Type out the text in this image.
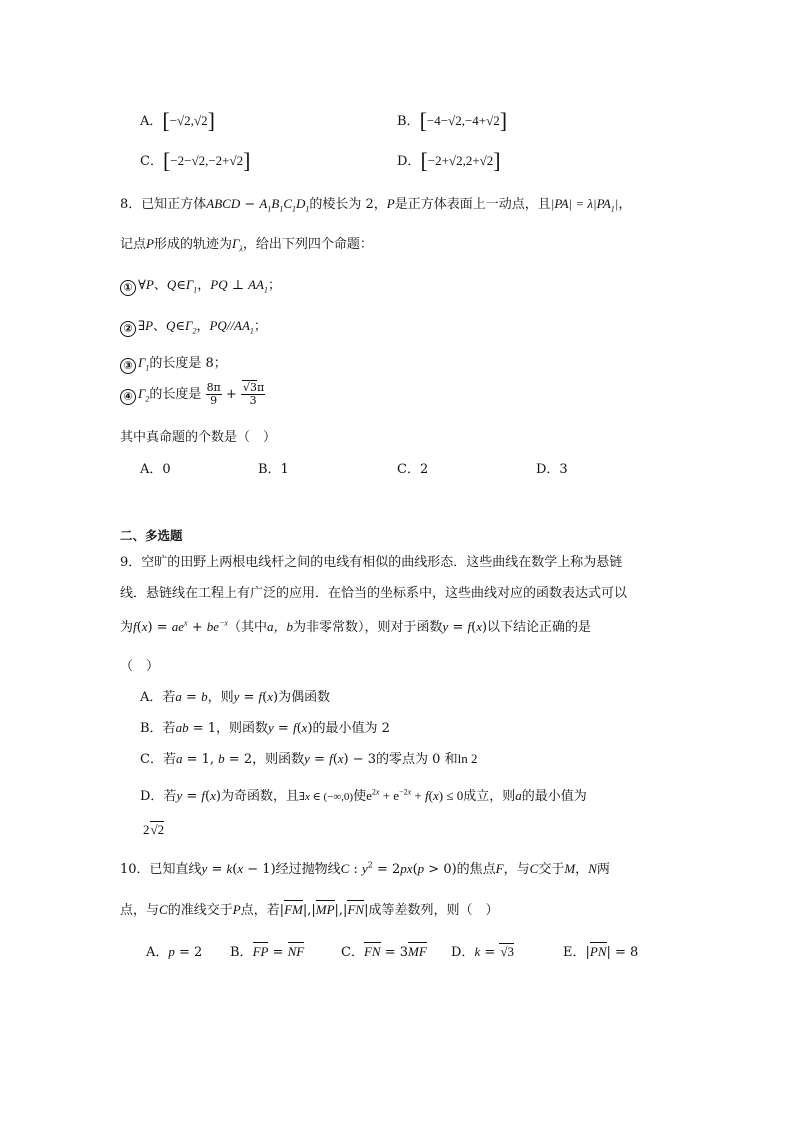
A．[−√2,√2]	B．[−4−√2,−4+√2]
C．[−2−√2,−2+√2]	D．[−2+√2,2+√2]
8．已知正方体ABCD − $A_1B_1C_1D_1$的棱长为 2，P是正方体表面上一动点，且$|PA| = \lambda|PA_1|$，
记点P形成的轨迹为$\Gamma_\lambda$，给出下列四个命题：
① ∀P、$Q\in\Gamma_1$，PQ ⊥ $AA_1$；
② ∃P、$Q\in\Gamma_2$，$PQ//AA_1$；
③ $\Gamma_1$的长度是 8；
④ $\Gamma_2$的长度是 $\frac{8\pi}{9} + \frac{√3\pi}{3}$
其中真命题的个数是（　）
A．0	B．1	C．2	D．3
二、多选题
9．空旷的田野上两根电线杆之间的电线有相似的曲线形态．这些曲线在数学上称为悬链
线．悬链线在工程上有广泛的应用．在恰当的坐标系中，这些曲线对应的函数表达式可以
为$f(x) = ae^x + be^{-x}$（其中a，b为非零常数），则对于函数y = f(x)以下结论正确的是
（　）
A．若a = b，则y = f(x)为偶函数
B．若ab = 1，则函数y = f(x)的最小值为 2
C．若a = 1, b = 2，则函数y = f(x) − 3的零点为 0 和ln 2
D．若y = f(x)为奇函数，且∃x ∈ (−∞,0)使$e^{2x} + e^{-2x} + f(x) \le 0$成立，则a的最小值为
2√2
10．已知直线y = k(x − 1)经过抛物线C : $y^2 = 2px(p > 0)$的焦点F，与C交于M，N两
点，与C的准线交于P点，若|FM|,|MP|,|FN|成等差数列，则（　）
A．p = 2 B．FP = NF	C．FN = 3MF D．k = √3	E．|PN| = 8
